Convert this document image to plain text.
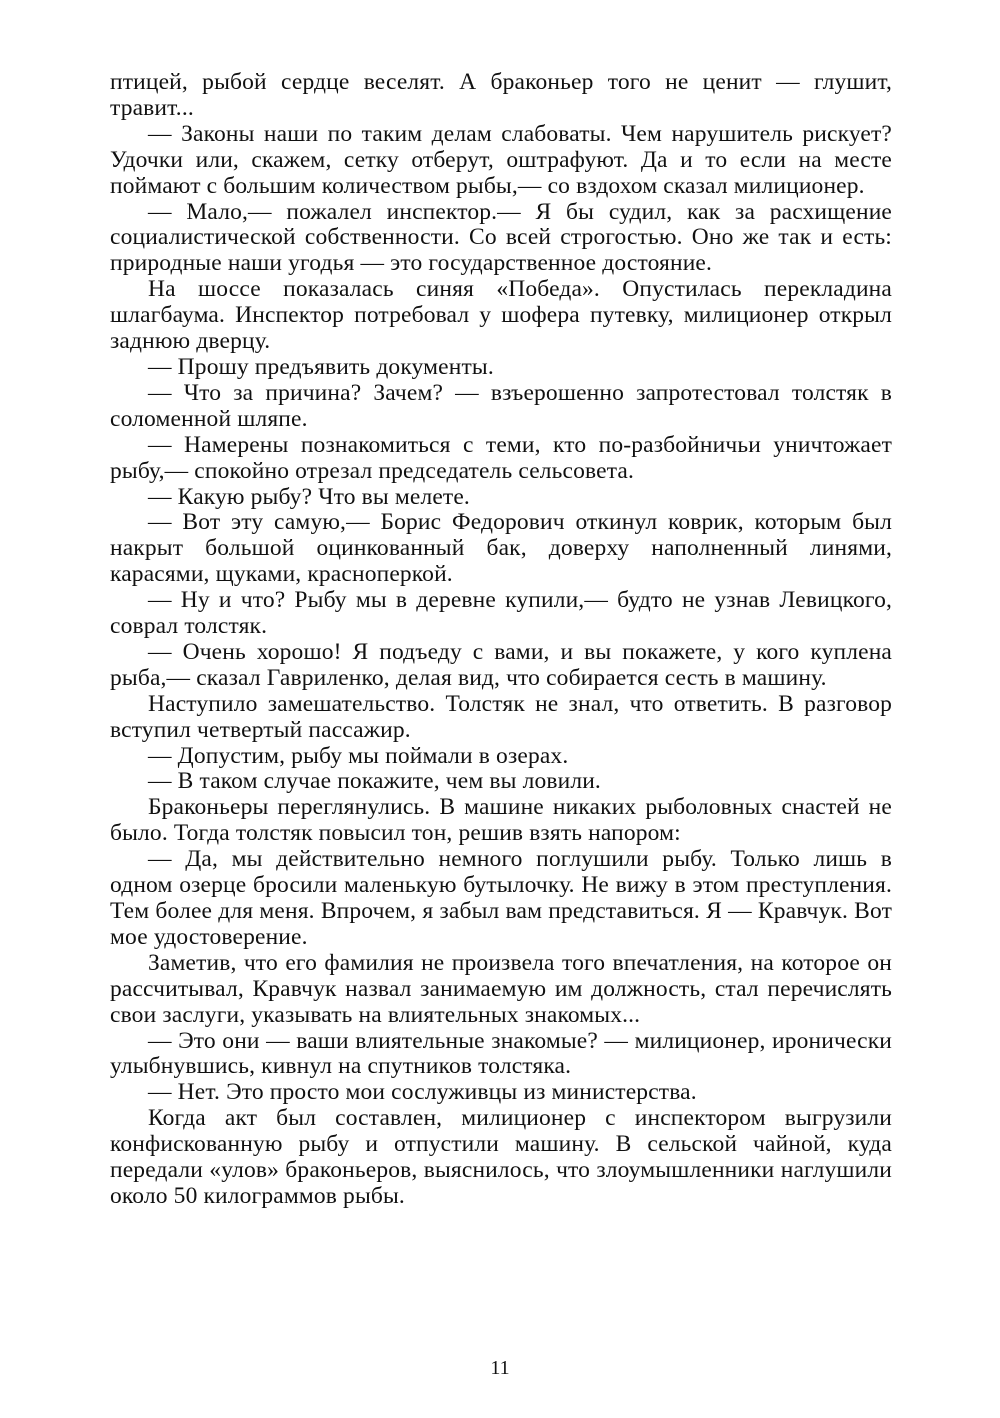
птицей, рыбой сердце веселят. А браконьер того не ценит — глушит, травит...

— Законы наши по таким делам слабоваты. Чем нарушитель рискует? Удочки или, скажем, сетку отберут, оштрафуют. Да и то если на месте поймают с большим количеством рыбы,— со вздохом сказал милиционер.

— Мало,— пожалел инспектор.— Я бы судил, как за расхищение социалистической собственности. Со всей строгостью. Оно же так и есть: природные наши угодья — это государственное достояние.

На шоссе показалась синяя «Победа». Опустилась перекладина шлагбаума. Инспектор потребовал у шофера путевку, милиционер открыл заднюю дверцу.

— Прошу предъявить документы.

— Что за причина? Зачем? — взъерошенно запротестовал толстяк в соломенной шляпе.

— Намерены познакомиться с теми, кто по-разбойничьи уничтожает рыбу,— спокойно отрезал председатель сельсовета.

— Какую рыбу? Что вы мелете.

— Вот эту самую,— Борис Федорович откинул коврик, которым был накрыт большой оцинкованный бак, доверху наполненный линями, карасями, щуками, красноперкой.

— Ну и что? Рыбу мы в деревне купили,— будто не узнав Левицкого, соврал толстяк.

— Очень хорошо! Я подъеду с вами, и вы покажете, у кого куплена рыба,— сказал Гавриленко, делая вид, что собирается сесть в машину.

Наступило замешательство. Толстяк не знал, что ответить. В разговор вступил четвертый пассажир.

— Допустим, рыбу мы поймали в озерах.

— В таком случае покажите, чем вы ловили.

Браконьеры переглянулись. В машине никаких рыболовных снастей не было. Тогда толстяк повысил тон, решив взять напором:

— Да, мы действительно немного поглушили рыбу. Только лишь в одном озерце бросили маленькую бутылочку. Не вижу в этом преступления. Тем более для меня. Впрочем, я забыл вам представиться. Я — Кравчук. Вот мое удостоверение.

Заметив, что его фамилия не произвела того впечатления, на которое он рассчитывал, Кравчук назвал занимаемую им должность, стал перечислять свои заслуги, указывать на влиятельных знакомых...

— Это они — ваши влиятельные знакомые? — милиционер, иронически улыбнувшись, кивнул на спутников толстяка.

— Нет. Это просто мои сослуживцы из министерства.

Когда акт был составлен, милиционер с инспектором выгрузили конфискованную рыбу и отпустили машину. В сельской чайной, куда передали «улов» браконьеров, выяснилось, что злоумышленники наглушили около 50 килограммов рыбы.

11
